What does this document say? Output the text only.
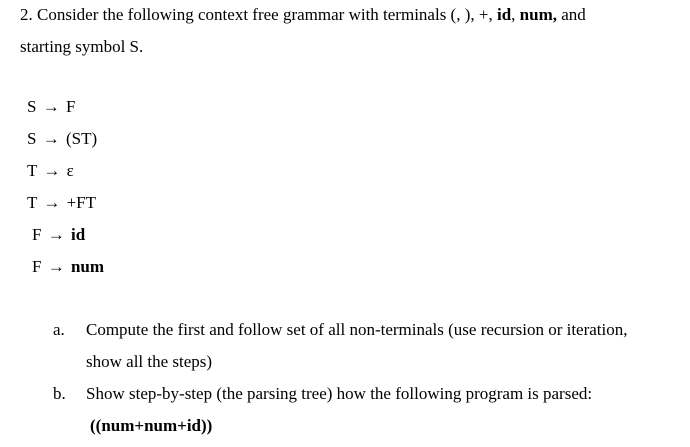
2. Consider the following context free grammar with terminals (, ), +, id, num, and
starting symbol S.
S → F
S → (ST)
T → ε
T → +FT
F → id
F → num
a. Compute the first and follow set of all non-terminals (use recursion or iteration,
show all the steps)
b. Show step-by-step (the parsing tree) how the following program is parsed:
((num+num+id))
